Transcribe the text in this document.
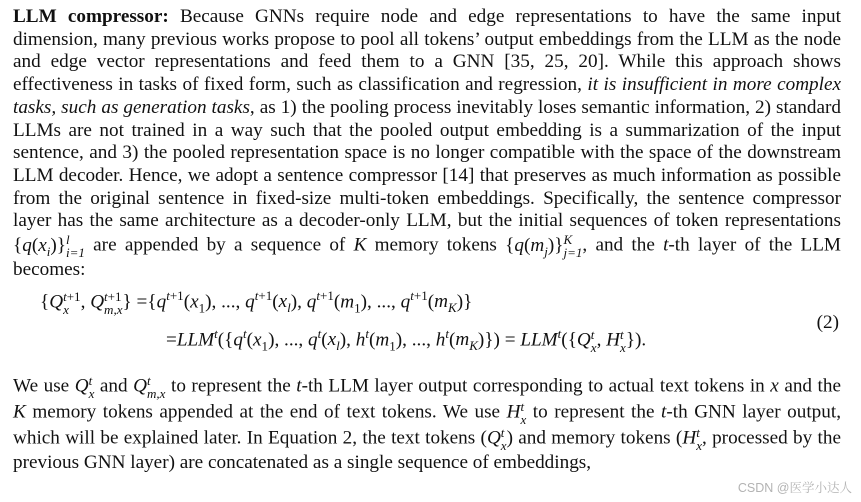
LLM compressor: Because GNNs require node and edge representations to have the same input dimension, many previous works propose to pool all tokens’ output embeddings from the LLM as the node and edge vector representations and feed them to a GNN [35, 25, 20]. While this approach shows effectiveness in tasks of fixed form, such as classification and regression, it is insufficient in more complex tasks, such as generation tasks, as 1) the pooling process inevitably loses semantic information, 2) standard LLMs are not trained in a way such that the pooled output embedding is a summarization of the input sentence, and 3) the pooled representation space is no longer compatible with the space of the downstream LLM decoder. Hence, we adopt a sentence compressor [14] that preserves as much information as possible from the original sentence in fixed-size multi-token embeddings. Specifically, the sentence compressor layer has the same architecture as a decoder-only LLM, but the initial sequences of token representations $\{q(x_i)\}$ l
i=1 are appended by a sequence of K memory tokens $\{q(m_j)\}$ K
j=1 , and the t-th layer of the LLM becomes:

{Q t+1
x , Q t+1
m,x } $=\{q^{t+1}(x_1)$, ..., $q^{t+1}(x_l)$, $q^{t+1}(m_1)$, ..., $q^{t+1}(m_K)$}
$=LLM^t(\{q^t(x_1)$, ..., $q^t(x_l)$, $h^t(m_1)$, ..., $h^t(m_K)\}) = LLM^t(\{Q$ t
x , H t
x }).
(2)

We use Q t
x and Q t
m,x to represent the t-th LLM layer output corresponding to actual text tokens in x and the K memory tokens appended at the end of text tokens. We use H t
x to represent the t-th GNN layer output, which will be explained later. In Equation 2, the text tokens (Q t
x ) and memory tokens (H t
x , processed by the previous GNN layer) are concatenated as a single sequence of embeddings,

CSDN @医学小达人
